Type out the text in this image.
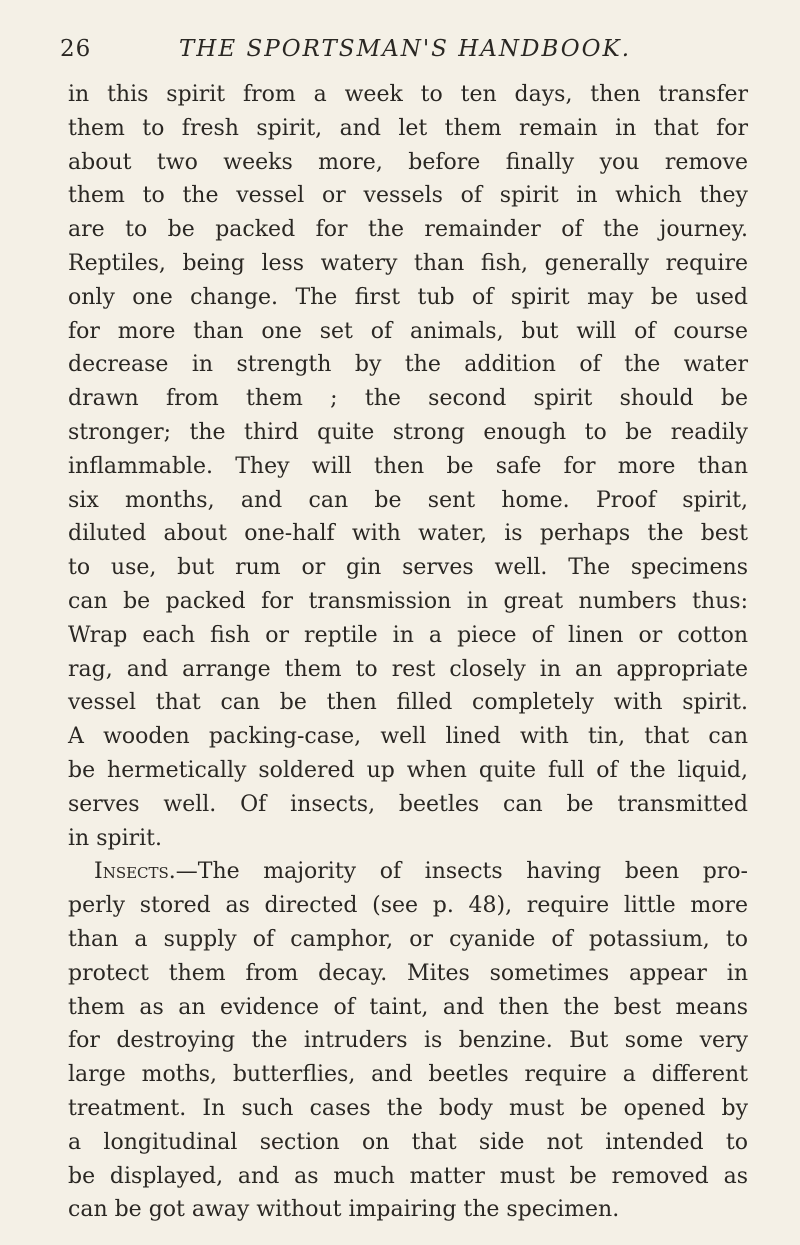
26	THE SPORTSMAN'S HANDBOOK.
in this spirit from a week to ten days, then transfer
them to fresh spirit, and let them remain in that for
about two weeks more, before finally you remove
them to the vessel or vessels of spirit in which they
are to be packed for the remainder of the journey.
Reptiles, being less watery than fish, generally require
only one change. The first tub of spirit may be used
for more than one set of animals, but will of course
decrease in strength by the addition of the water
drawn from them ; the second spirit should be
stronger; the third quite strong enough to be readily
inflammable. They will then be safe for more than
six months, and can be sent home. Proof spirit,
diluted about one-half with water, is perhaps the best
to use, but rum or gin serves well. The specimens
can be packed for transmission in great numbers thus:
Wrap each fish or reptile in a piece of linen or cotton
rag, and arrange them to rest closely in an appropriate
vessel that can be then filled completely with spirit.
A wooden packing-case, well lined with tin, that can
be hermetically soldered up when quite full of the liquid,
serves well. Of insects, beetles can be transmitted
in spirit.
Insects.—The majority of insects having been pro-
perly stored as directed (see p. 48), require little more
than a supply of camphor, or cyanide of potassium, to
protect them from decay. Mites sometimes appear in
them as an evidence of taint, and then the best means
for destroying the intruders is benzine. But some very
large moths, butterflies, and beetles require a different
treatment. In such cases the body must be opened by
a longitudinal section on that side not intended to
be displayed, and as much matter must be removed as
can be got away without impairing the specimen.
